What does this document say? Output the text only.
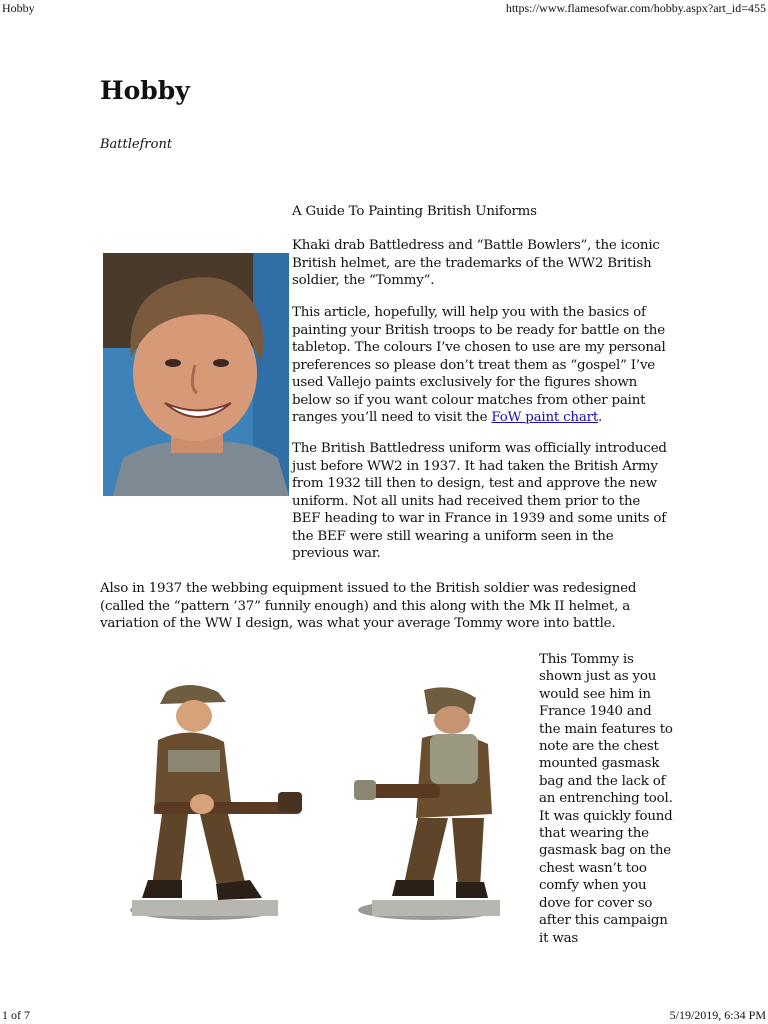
Hobby	https://www.flamesofwar.com/hobby.aspx?art_id=455
Hobby
Battlefront

A Guide To Painting British Uniforms

Khaki drab Battledress and “Battle Bowlers”, the iconic British helmet, are the trademarks of the WW2 British soldier, the “Tommy”.

This article, hopefully, will help you with the basics of painting your British troops to be ready for battle on the tabletop. The colours I’ve chosen to use are my personal preferences so please don’t treat them as “gospel” I’ve used Vallejo paints exclusively for the figures shown below so if you want colour matches from other paint ranges you’ll need to visit the FoW paint chart.

The British Battledress uniform was officially introduced just before WW2 in 1937. It had taken the British Army from 1932 till then to design, test and approve the new uniform. Not all units had received them prior to the BEF heading to war in France in 1939 and some units of the BEF were still wearing a uniform seen in the previous war.

Also in 1937 the webbing equipment issued to the British soldier was redesigned (called the “pattern ’37” funnily enough) and this along with the Mk II helmet, a variation of the WW I design, was what your average Tommy wore into battle.

This Tommy is shown just as you would see him in France 1940 and the main features to note are the chest mounted gasmask bag and the lack of an entrenching tool. It was quickly found that wearing the gasmask bag on the chest wasn’t too comfy when you dove for cover so after this campaign it was

1 of 7	5/19/2019, 6:34 PM
